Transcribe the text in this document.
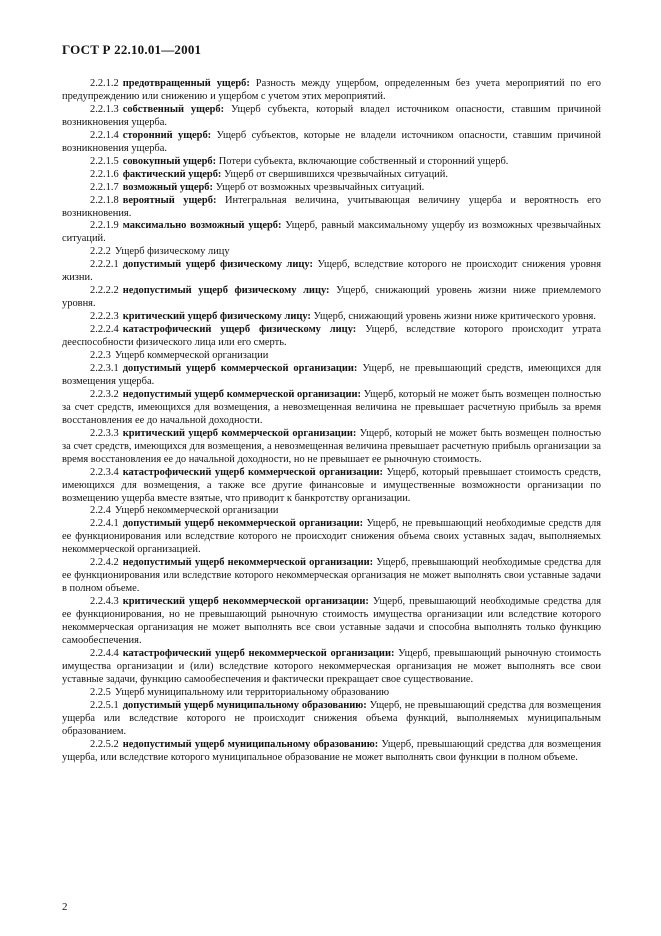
ГОСТ Р 22.10.01—2001

2.2.1.2 предотвращенный ущерб: Разность между ущербом, определенным без учета мероприятий по его предупреждению или снижению и ущербом с учетом этих мероприятий.

2.2.1.3 собственный ущерб: Ущерб субъекта, который владел источником опасности, ставшим причиной возникновения ущерба.

2.2.1.4 сторонний ущерб: Ущерб субъектов, которые не владели источником опасности, ставшим причиной возникновения ущерба.

2.2.1.5 совокупный ущерб: Потери субъекта, включающие собственный и сторонний ущерб.

2.2.1.6 фактический ущерб: Ущерб от свершившихся чрезвычайных ситуаций.

2.2.1.7 возможный ущерб: Ущерб от возможных чрезвычайных ситуаций.

2.2.1.8 вероятный ущерб: Интегральная величина, учитывающая величину ущерба и вероятность его возникновения.

2.2.1.9 максимально возможный ущерб: Ущерб, равный максимальному ущербу из возможных чрезвычайных ситуаций.

2.2.2 Ущерб физическому лицу

2.2.2.1 допустимый ущерб физическому лицу: Ущерб, вследствие которого не происходит снижения уровня жизни.

2.2.2.2 недопустимый ущерб физическому лицу: Ущерб, снижающий уровень жизни ниже приемлемого уровня.

2.2.2.3 критический ущерб физическому лицу: Ущерб, снижающий уровень жизни ниже критического уровня.

2.2.2.4 катастрофический ущерб физическому лицу: Ущерб, вследствие которого происходит утрата дееспособности физического лица или его смерть.

2.2.3 Ущерб коммерческой организации

2.2.3.1 допустимый ущерб коммерческой организации: Ущерб, не превышающий средств, имеющихся для возмещения ущерба.

2.2.3.2 недопустимый ущерб коммерческой организации: Ущерб, который не может быть возмещен полностью за счет средств, имеющихся для возмещения, а невозмещенная величина не превышает расчетную прибыль за время восстановления ее до начальной доходности.

2.2.3.3 критический ущерб коммерческой организации: Ущерб, который не может быть возмещен полностью за счет средств, имеющихся для возмещения, а невозмещенная величина превышает расчетную прибыль организации за время восстановления ее до начальной доходности, но не превышает ее рыночную стоимость.

2.2.3.4 катастрофический ущерб коммерческой организации: Ущерб, который превышает стоимость средств, имеющихся для возмещения, а также все другие финансовые и имущественные возможности организации по возмещению ущерба вместе взятые, что приводит к банкротству организации.

2.2.4 Ущерб некоммерческой организации

2.2.4.1 допустимый ущерб некоммерческой организации: Ущерб, не превышающий необходимые средств для ее функционирования или вследствие которого не происходит снижения объема своих уставных задач, выполняемых некоммерческой организацией.

2.2.4.2 недопустимый ущерб некоммерческой организации: Ущерб, превышающий необходимые средства для ее функционирования или вследствие которого некоммерческая организация не может выполнять свои уставные задачи в полном объеме.

2.2.4.3 критический ущерб некоммерческой организации: Ущерб, превышающий необходимые средства для ее функционирования, но не превышающий рыночную стоимость имущества организации или вследствие которого некоммерческая организация не может выполнять все свои уставные задачи и способна выполнять только функцию самообеспечения.

2.2.4.4 катастрофический ущерб некоммерческой организации: Ущерб, превышающий рыночную стоимость имущества организации и (или) вследствие которого некоммерческая организация не может выполнять все свои уставные задачи, функцию самообеспечения и фактически прекращает свое существование.

2.2.5 Ущерб муниципальному или территориальному образованию

2.2.5.1 допустимый ущерб муниципальному образованию: Ущерб, не превышающий средства для возмещения ущерба или вследствие которого не происходит снижения объема функций, выполняемых муниципальным образованием.

2.2.5.2 недопустимый ущерб муниципальному образованию: Ущерб, превышающий средства для возмещения ущерба, или вследствие которого муниципальное образование не может выполнять свои функции в полном объеме.

2
